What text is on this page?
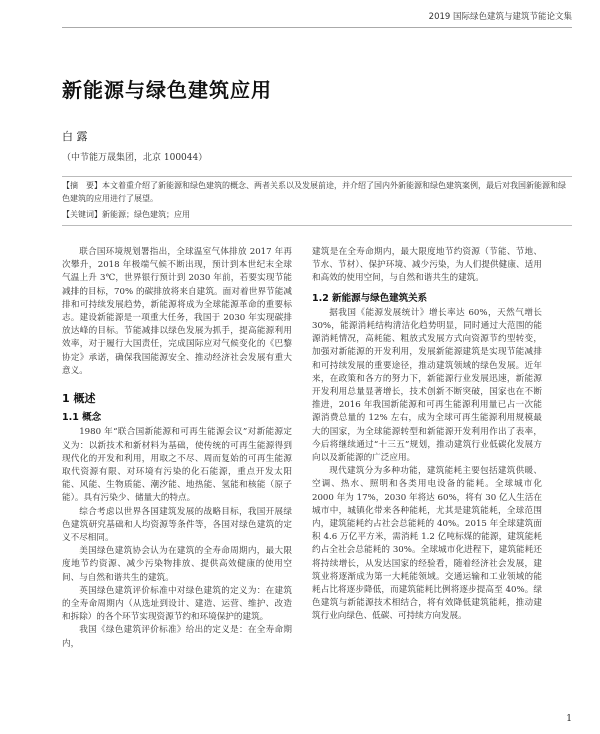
2019 国际绿色建筑与建筑节能论文集
新能源与绿色建筑应用
白 露
（中节能万晟集团，北京 100044）
【摘　要】本文着重介绍了新能源和绿色建筑的概念、两者关系以及发展前途，并介绍了国内外新能源和绿色建筑案例，最后对我国新能源和绿色建筑的应用进行了展望。
【关键词】新能源；绿色建筑；应用

联合国环境规划署指出，全球温室气体排放 2017 年再次攀升，2018 年极端气候不断出现，预计到本世纪末全球气温上升 3℃，世界银行预计到 2030 年前，若要实现节能减排的目标，70% 的碳排放将来自建筑。面对着世界节能减排和可持续发展趋势，新能源将成为全球能源革命的重要标志。建设新能源是一项重大任务，我国于 2030 年实现碳排放达峰的目标。节能减排以绿色发展为抓手，提高能源利用效率，对于履行大国责任，完成国际应对气候变化的《巴黎协定》承诺，确保我国能源安全、推动经济社会发展有重大意义。

1 概述
1.1 概念

1980 年“联合国新能源和可再生能源会议”对新能源定义为：以新技术和新材料为基础，使传统的可再生能源得到现代化的开发和利用，用取之不尽、周而复始的可再生能源取代资源有限、对环境有污染的化石能源，重点开发太阳能、风能、生物质能、潮汐能、地热能、氢能和核能（原子能）。具有污染少、储量大的特点。

综合考虑以世界各国建筑发展的战略目标，我国开展绿色建筑研究基础和人均资源等条件等，各国对绿色建筑的定义不尽相同。

美国绿色建筑协会认为在建筑的全寿命周期内，最大限度地节约资源、减少污染物排放、提供高效健康的使用空间、与自然和谐共生的建筑。

英国绿色建筑评价标准中对绿色建筑的定义为：在建筑的全寿命周期内（从选址到设计、建造、运营、维护、改造和拆除）的各个环节实现资源节约和环境保护的建筑。

我国《绿色建筑评价标准》给出的定义是：在全寿命期内，

建筑是在全寿命期内，最大限度地节约资源（节能、节地、节水、节材）、保护环境、减少污染，为人们提供健康、适用和高效的使用空间，与自然和谐共生的建筑。

1.2 新能源与绿色建筑关系

据我国《能源发展统计》增长率达 60%，天然气增长 30%，能源消耗结构清洁化趋势明显，同时通过大范围的能源消耗情况，高耗能、粗放式发展方式向资源节约型转变，加强对新能源的开发利用，发展新能源建筑是实现节能减排和可持续发展的重要途径，推动建筑领域的绿色发展。近年来，在政策和各方的努力下，新能源行业发展迅速，新能源开发利用总量显著增长，技术创新不断突破，国家也在不断推进，2016 年我国新能源和可再生能源利用量已占一次能源消费总量的 12% 左右，成为全球可再生能源利用规模最大的国家，为全球能源转型和新能源开发利用作出了表率，今后将继续通过“十三五”规划，推动建筑行业低碳化发展方向以及新能源的广泛应用。

现代建筑分为多种功能，建筑能耗主要包括建筑供暖、空调、热水、照明和各类用电设备的能耗。全球城市化 2000 年为 17%，2030 年将达 60%，将有 30 亿人生活在城市中，城镇化带来各种能耗，尤其是建筑能耗，全球范围内，建筑能耗约占社会总能耗的 40%。2015 年全球建筑面积 4.6 万亿平方米，需消耗 1.2 亿吨标煤的能源，建筑能耗约占全社会总能耗的 30%。全球城市化进程下，建筑能耗还将持续增长，从发达国家的经验看，随着经济社会发展，建筑业将逐渐成为第一大耗能领域。交通运输和工业领域的能耗占比将逐步降低，而建筑能耗比例将逐步提高至 40%。绿色建筑与新能源技术相结合，将有效降低建筑能耗，推动建筑行业向绿色、低碳、可持续方向发展。

1
